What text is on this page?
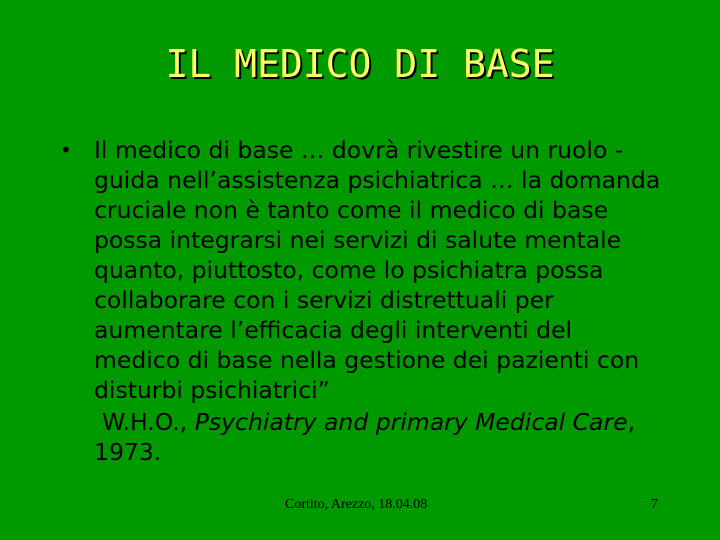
IL MEDICO DI BASE
• Il medico di base … dovrà rivestire un ruolo -guida nell’assistenza psichiatrica … la domanda cruciale non è tanto come il medico di base possa integrarsi nei servizi di salute mentale quanto, piuttosto, come lo psichiatra possa collaborare con i servizi distrettuali per aumentare l’efficacia degli interventi del medico di base nella gestione dei pazienti con disturbi psichiatrici”
W.H.O., Psychiatry and primary Medical Care, 1973.
Cortito, Arezzo, 18.04.08	7
